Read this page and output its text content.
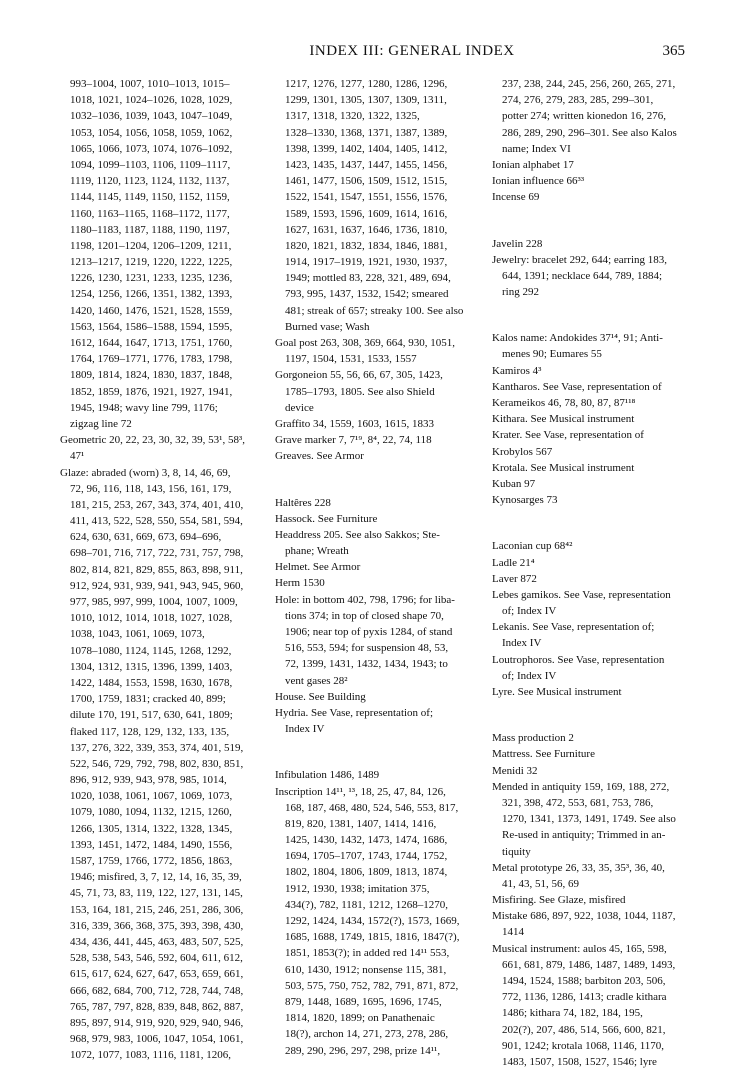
INDEX III: GENERAL INDEX	365
993–1004, 1007, 1010–1013, 1015–
1018, 1021, 1024–1026, 1028, 1029,
1032–1036, 1039, 1043, 1047–1049,
1053, 1054, 1056, 1058, 1059, 1062,
1065, 1066, 1073, 1074, 1076–1092,
1094, 1099–1103, 1106, 1109–1117,
1119, 1120, 1123, 1124, 1132, 1137,
1144, 1145, 1149, 1150, 1152, 1159,
1160, 1163–1165, 1168–1172, 1177,
1180–1183, 1187, 1188, 1190, 1197,
1198, 1201–1204, 1206–1209, 1211,
1213–1217, 1219, 1220, 1222, 1225,
1226, 1230, 1231, 1233, 1235, 1236,
1254, 1256, 1266, 1351, 1382, 1393,
1420, 1460, 1476, 1521, 1528, 1559,
1563, 1564, 1586–1588, 1594, 1595,
1612, 1644, 1647, 1713, 1751, 1760,
1764, 1769–1771, 1776, 1783, 1798,
1809, 1814, 1824, 1830, 1837, 1848,
1852, 1859, 1876, 1921, 1927, 1941,
1945, 1948; wavy line 799, 1176;
zigzag line 72
Geometric 20, 22, 23, 30, 32, 39, 53¹, 58³,
47¹
Glaze: abraded (worn) 3, 8, 14, 46, 69,
72, 96, 116, 118, 143, 156, 161, 179,
181, 215, 253, 267, 343, 374, 401, 410,
411, 413, 522, 528, 550, 554, 581, 594,
624, 630, 631, 669, 673, 694–696,
698–701, 716, 717, 722, 731, 757, 798,
802, 814, 821, 829, 855, 863, 898, 911,
912, 924, 931, 939, 941, 943, 945, 960,
977, 985, 997, 999, 1004, 1007, 1009,
1010, 1012, 1014, 1018, 1027, 1028,
1038, 1043, 1061, 1069, 1073,
1078–1080, 1124, 1145, 1268, 1292,
1304, 1312, 1315, 1396, 1399, 1403,
1422, 1484, 1553, 1598, 1630, 1678,
1700, 1759, 1831; cracked 40, 899;
dilute 170, 191, 517, 630, 641, 1809;
flaked 117, 128, 129, 132, 133, 135,
137, 276, 322, 339, 353, 374, 401, 519,
522, 546, 729, 792, 798, 802, 830, 851,
896, 912, 939, 943, 978, 985, 1014,
1020, 1038, 1061, 1067, 1069, 1073,
1079, 1080, 1094, 1132, 1215, 1260,
1266, 1305, 1314, 1322, 1328, 1345,
1393, 1451, 1472, 1484, 1490, 1556,
1587, 1759, 1766, 1772, 1856, 1863,
1946; misfired, 3, 7, 12, 14, 16, 35, 39,
45, 71, 73, 83, 119, 122, 127, 131, 145,
153, 164, 181, 215, 246, 251, 286, 306,
316, 339, 366, 368, 375, 393, 398, 430,
434, 436, 441, 445, 463, 483, 507, 525,
528, 538, 543, 546, 592, 604, 611, 612,
615, 617, 624, 627, 647, 653, 659, 661,
666, 682, 684, 700, 712, 728, 744, 748,
765, 787, 797, 828, 839, 848, 862, 887,
895, 897, 914, 919, 920, 929, 940, 946,
968, 979, 983, 1006, 1047, 1054, 1061,
1072, 1077, 1083, 1116, 1181, 1206,
1217, 1276, 1277, 1280, 1286, 1296,
1299, 1301, 1305, 1307, 1309, 1311,
1317, 1318, 1320, 1322, 1325,
1328–1330, 1368, 1371, 1387, 1389,
1398, 1399, 1402, 1404, 1405, 1412,
1423, 1435, 1437, 1447, 1455, 1456,
1461, 1477, 1506, 1509, 1512, 1515,
1522, 1541, 1547, 1551, 1556, 1576,
1589, 1593, 1596, 1609, 1614, 1616,
1627, 1631, 1637, 1646, 1736, 1810,
1820, 1821, 1832, 1834, 1846, 1881,
1914, 1917–1919, 1921, 1930, 1937,
1949; mottled 83, 228, 321, 489, 694,
793, 995, 1437, 1532, 1542; smeared
481; streak of 657; streaky 100. See also
Burned vase; Wash
Goal post 263, 308, 369, 664, 930, 1051,
1197, 1504, 1531, 1533, 1557
Gorgoneion 55, 56, 66, 67, 305, 1423,
1785–1793, 1805. See also Shield
device
Graffito 34, 1559, 1603, 1615, 1833
Grave marker 7, 7¹⁹, 8⁴, 22, 74, 118
Greaves. See Armor
Haltêres 228
Hassock. See Furniture
Headdress 205. See also Sakkos; Ste-
phane; Wreath
Helmet. See Armor
Herm 1530
Hole: in bottom 402, 798, 1796; for liba-
tions 374; in top of closed shape 70,
1906; near top of pyxis 1284, of stand
516, 553, 594; for suspension 48, 53,
72, 1399, 1431, 1432, 1434, 1943; to
vent gases 28²
House. See Building
Hydria. See Vase, representation of;
Index IV
Infibulation 1486, 1489
Inscription 14¹¹, ¹³, 18, 25, 47, 84, 126,
168, 187, 468, 480, 524, 546, 553, 817,
819, 820, 1381, 1407, 1414, 1416,
1425, 1430, 1432, 1473, 1474, 1686,
1694, 1705–1707, 1743, 1744, 1752,
1802, 1804, 1806, 1809, 1813, 1874,
1912, 1930, 1938; imitation 375,
434(?), 782, 1181, 1212, 1268–1270,
1292, 1424, 1434, 1572(?), 1573, 1669,
1685, 1688, 1749, 1815, 1816, 1847(?),
1851, 1853(?); in added red 14¹¹ 553,
610, 1430, 1912; nonsense 115, 381,
503, 575, 750, 752, 782, 791, 871, 872,
879, 1448, 1689, 1695, 1696, 1745,
1814, 1820, 1899; on Panathenaic
18(?), archon 14, 271, 273, 278, 286,
289, 290, 296, 297, 298, prize 14¹¹,
237, 238, 244, 245, 256, 260, 265, 271,
274, 276, 279, 283, 285, 299–301,
potter 274; written kionedon 16, 276,
286, 289, 290, 296–301. See also Kalos
name; Index VI
Ionian alphabet 17
Ionian influence 66³³
Incense 69
Javelin 228
Jewelry: bracelet 292, 644; earring 183,
644, 1391; necklace 644, 789, 1884;
ring 292
Kalos name: Andokides 37¹⁴, 91; Anti-
menes 90; Eumares 55
Kamiros 4³
Kantharos. See Vase, representation of
Kerameikos 46, 78, 80, 87, 87¹¹⁸
Kithara. See Musical instrument
Krater. See Vase, representation of
Krobylos 567
Krotala. See Musical instrument
Kuban 97
Kynosarges 73
Laconian cup 68⁴²
Ladle 21⁴
Laver 872
Lebes gamikos. See Vase, representation
of; Index IV
Lekanis. See Vase, representation of;
Index IV
Loutrophoros. See Vase, representation
of; Index IV
Lyre. See Musical instrument
Mass production 2
Mattress. See Furniture
Menidi 32
Mended in antiquity 159, 169, 188, 272,
321, 398, 472, 553, 681, 753, 786,
1270, 1341, 1373, 1491, 1749. See also
Re-used in antiquity; Trimmed in an-
tiquity
Metal prototype 26, 33, 35, 35³, 36, 40,
41, 43, 51, 56, 69
Misfiring. See Glaze, misfired
Mistake 686, 897, 922, 1038, 1044, 1187,
1414
Musical instrument: aulos 45, 165, 598,
661, 681, 879, 1486, 1487, 1489, 1493,
1494, 1524, 1588; barbiton 203, 506,
772, 1136, 1286, 1413; cradle kithara
1486; kithara 74, 182, 184, 195,
202(?), 207, 486, 514, 566, 600, 821,
901, 1242; krotala 1068, 1146, 1170,
1483, 1507, 1508, 1527, 1546; lyre
